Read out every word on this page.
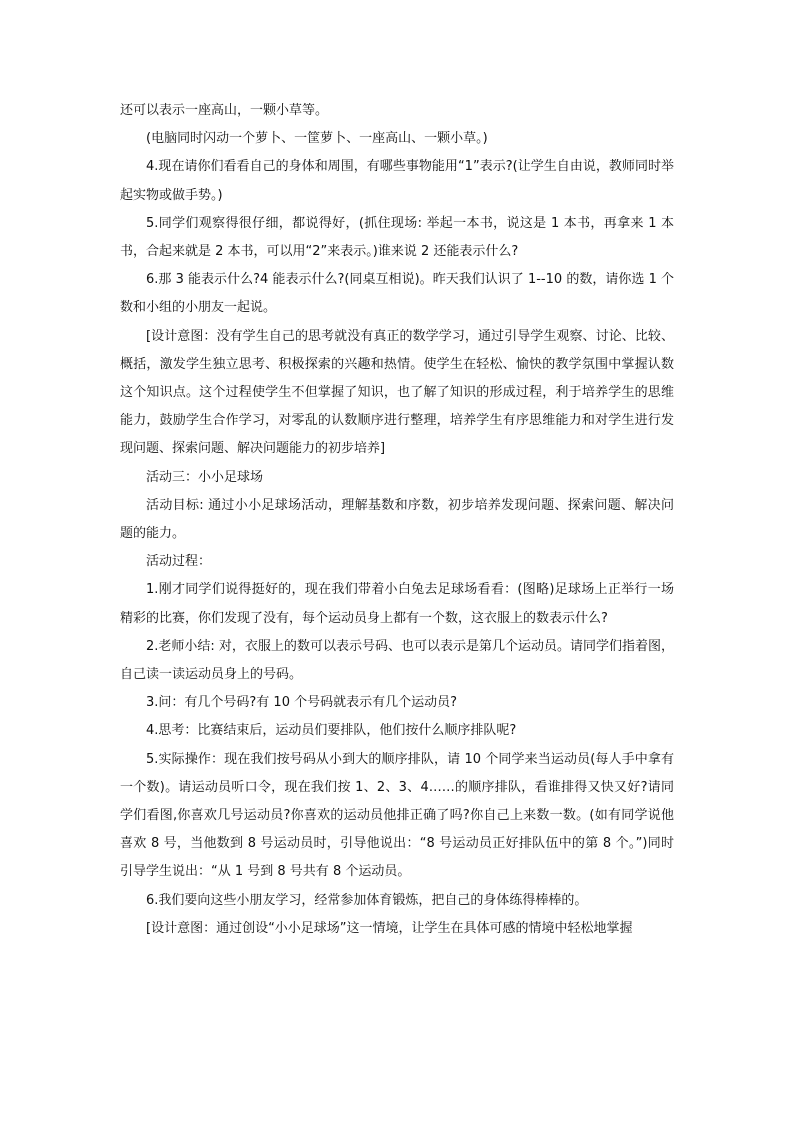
还可以表示一座高山，一颗小草等。

(电脑同时闪动一个萝卜、一筐萝卜、一座高山、一颗小草。)

4.现在请你们看看自己的身体和周围，有哪些事物能用“1”表示?(让学生自由说，教师同时举起实物或做手势。)

5.同学们观察得很仔细，都说得好，(抓住现场: 举起一本书，说这是 1 本书，再拿来 1 本书，合起来就是 2 本书，可以用“2”来表示。)谁来说 2 还能表示什么?

6.那 3 能表示什么?4 能表示什么?(同桌互相说)。昨天我们认识了 1--10 的数，请你选 1 个数和小组的小朋友一起说。

[设计意图：没有学生自己的思考就没有真正的数学学习，通过引导学生观察、讨论、比较、概括，激发学生独立思考、积极探索的兴趣和热情。使学生在轻松、愉快的教学氛围中掌握认数这个知识点。这个过程使学生不但掌握了知识，也了解了知识的形成过程，利于培养学生的思维能力，鼓励学生合作学习，对零乱的认数顺序进行整理，培养学生有序思维能力和对学生进行发现问题、探索问题、解决问题能力的初步培养]

活动三：小小足球场

活动目标: 通过小小足球场活动，理解基数和序数，初步培养发现问题、探索问题、解决问题的能力。

活动过程：

1.刚才同学们说得挺好的，现在我们带着小白兔去足球场看看：(图略)足球场上正举行一场精彩的比赛，你们发现了没有，每个运动员身上都有一个数，这衣服上的数表示什么?

2.老师小结: 对，衣服上的数可以表示号码、也可以表示是第几个运动员。请同学们指着图，自己读一读运动员身上的号码。

3.问：有几个号码?有 10 个号码就表示有几个运动员?

4.思考：比赛结束后，运动员们要排队，他们按什么顺序排队呢?

5.实际操作：现在我们按号码从小到大的顺序排队，请 10 个同学来当运动员(每人手中拿有一个数)。请运动员听口令，现在我们按 1、2、3、4……的顺序排队，看谁排得又快又好?请同学们看图,你喜欢几号运动员?你喜欢的运动员他排正确了吗?你自己上来数一数。(如有同学说他喜欢 8 号，当他数到 8 号运动员时，引导他说出：“8 号运动员正好排队伍中的第 8 个。”)同时引导学生说出：“从 1 号到 8 号共有 8 个运动员。

6.我们要向这些小朋友学习，经常参加体育锻炼，把自己的身体练得棒棒的。

[设计意图：通过创设“小小足球场”这一情境，让学生在具体可感的情境中轻松地掌握
